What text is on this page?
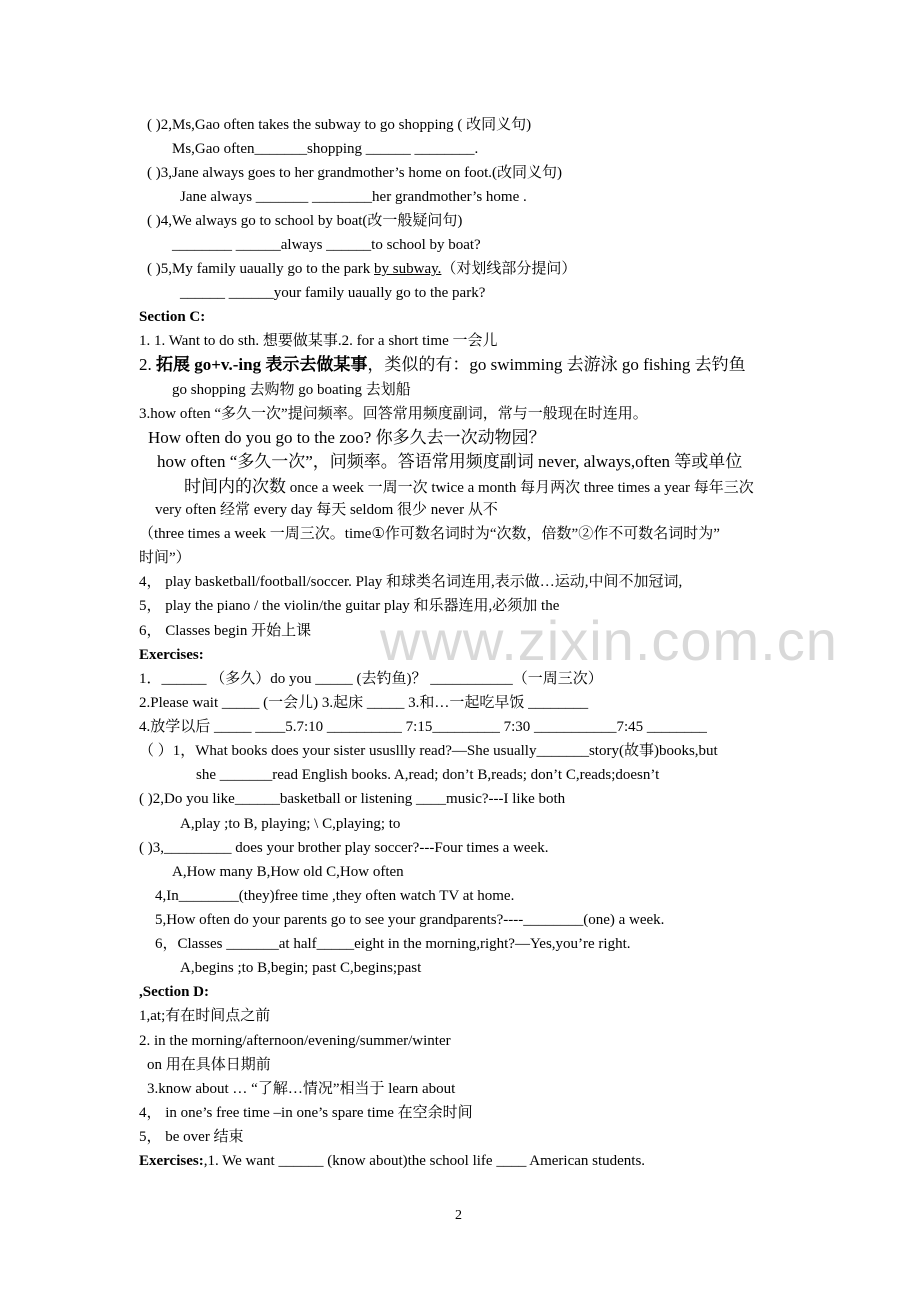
www.zixin.com.cn
( )2,Ms,Gao often takes the subway to go shopping ( 改同义句)
Ms,Gao often_______shopping ______ ________.
( )3,Jane always goes to her grandmother’s home on foot.(改同义句)
Jane always _______ ________her grandmother’s home .
( )4,We always go to school by boat(改一般疑问句)
________ ______always ______to school by boat?
( )5,My family uaually go to the park by subway.（对划线部分提问）
______ ______your family uaually go to the park?
Section C:
1. 1. Want to do sth. 想要做某事.2. for a short time 一会儿
2. 拓展 go+v.-ing 表示去做某事，类似的有：go swimming 去游泳 go fishing 去钓鱼
go shopping 去购物 go boating 去划船
3.how often “多久一次”提问频率。回答常用频度副词，常与一般现在时连用。
How often do you go to the zoo? 你多久去一次动物园？
how often “多久一次”，问频率。答语常用频度副词 never, always,often 等或单位
时间内的次数 once a week 一周一次 twice a month 每月两次 three times a year 每年三次
very often 经常 every day 每天 seldom 很少 never 从不
（three times a week 一周三次。time①作可数名词时为“次数，倍数”②作不可数名词时为”
时间”）
4， play basketball/football/soccer. Play 和球类名词连用,表示做…运动,中间不加冠词,
5， play the piano / the violin/the guitar play 和乐器连用,必须加 the
6， Classes begin 开始上课
Exercises:
1．______ （多久）do you _____ (去钓鱼)？ ___________（一周三次）
2.Please wait _____ (一会儿) 3.起床 _____ 3.和…一起吃早饭 ________
4.放学以后 _____ ____5.7:10 __________ 7:15_________ 7:30 ___________7:45 ________
（ ）1，What books does your sister ususllly read?—She usually_______story(故事)books,but
she _______read English books. A,read; don’t B,reads; don’t C,reads;doesn’t
( )2,Do you like______basketball or listening ____music?---I like both
A,play ;to B, playing; \ C,playing; to
( )3,_________ does your brother play soccer?---Four times a week.
A,How many B,How old C,How often
4,In________(they)free time ,they often watch TV at home.
5,How often do your parents go to see your grandparents?----________(one) a week.
6，Classes _______at half_____eight in the morning,right?—Yes,you’re right.
A,begins ;to B,begin; past C,begins;past
,Section D:
1,at;有在时间点之前
2. in the morning/afternoon/evening/summer/winter
on 用在具体日期前
3.know about … “了解…情况”相当于 learn about
4， in one’s free time –in one’s spare time 在空余时间
5， be over 结束
Exercises:,1. We want ______ (know about)the school life ____ American students.
2
